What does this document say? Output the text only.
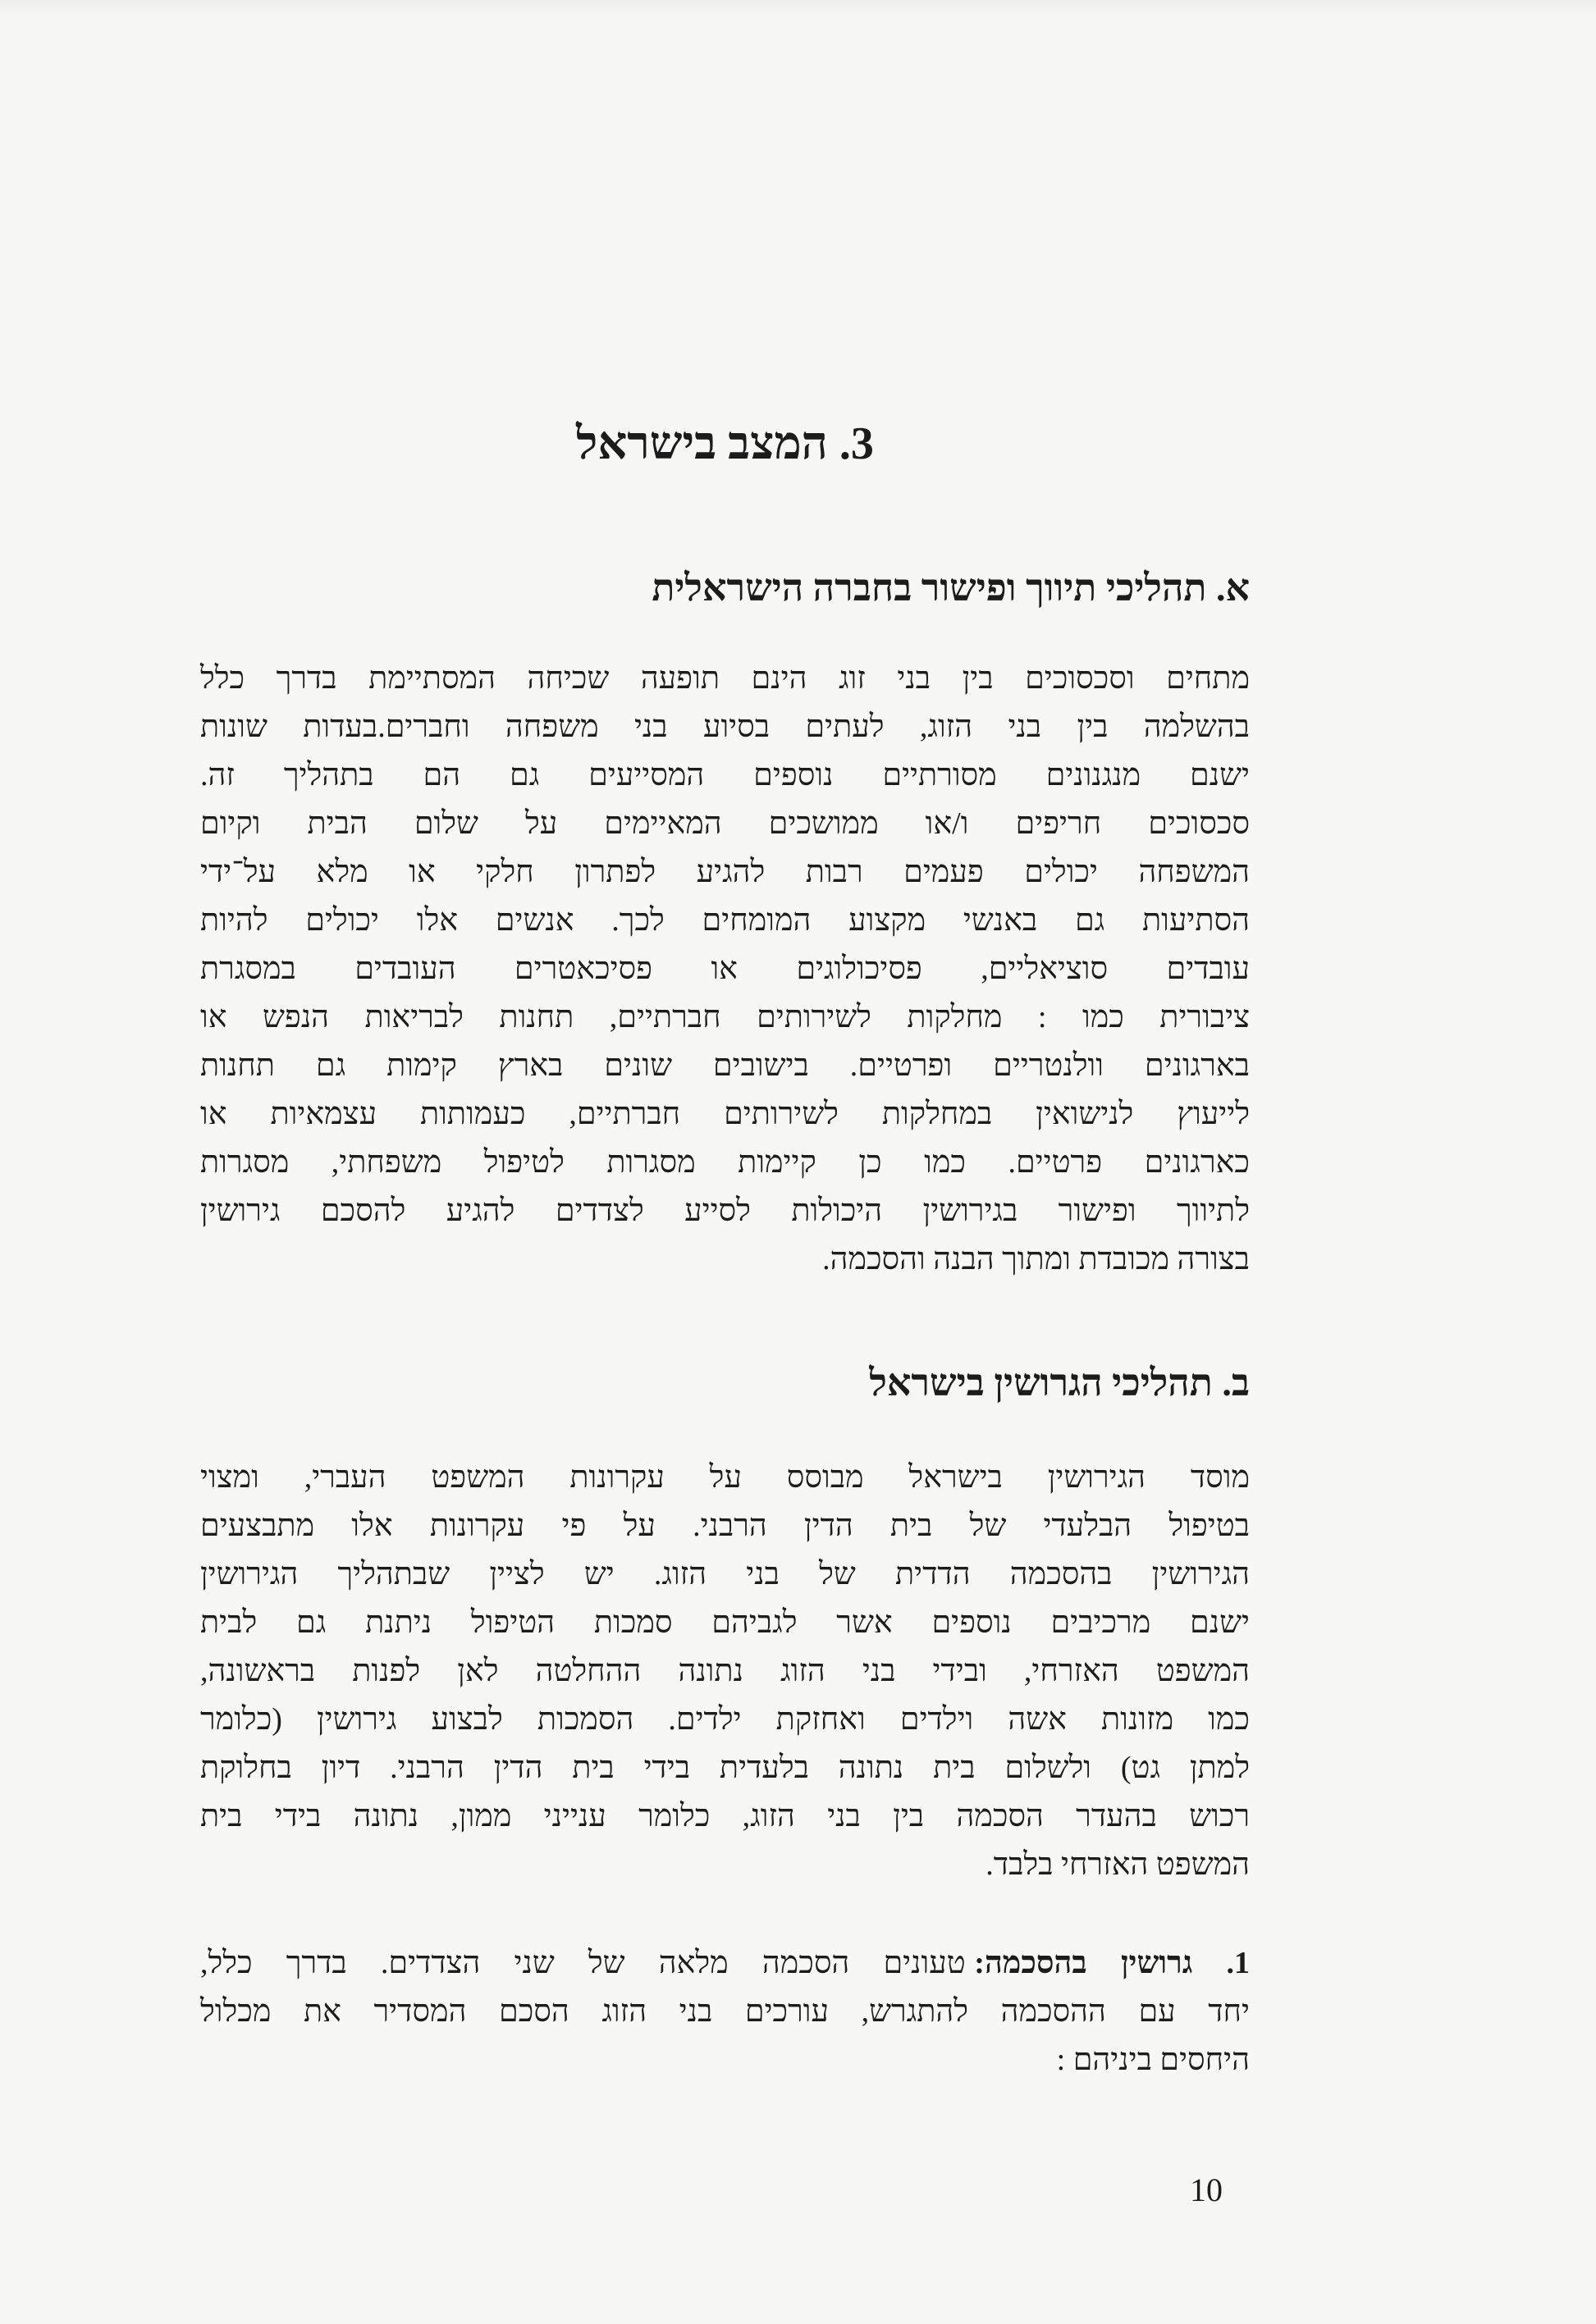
3. המצב בישראל
א. תהליכי תיווך ופישור בחברה הישראלית
מתחים וסכסוכים בין בני זוג הינם תופעה שכיחה המסתיימת בדרך כלל
בהשלמה בין בני הזוג, לעתים בסיוע בני משפחה וחברים.בעדות שונות
ישנם מנגנונים מסורתיים נוספים המסייעים גם הם בתהליך זה.
סכסוכים חריפים ו/או ממושכים המאיימים על שלום הבית וקיום
המשפחה יכולים פעמים רבות להגיע לפתרון חלקי או מלא על־ידי
הסתיעות גם באנשי מקצוע המומחים לכך. אנשים אלו יכולים להיות
עובדים סוציאליים, פסיכולוגים או פסיכאטרים העובדים במסגרת
ציבורית כמו : מחלקות לשירותים חברתיים, תחנות לבריאות הנפש או
בארגונים וולנטריים ופרטיים. בישובים שונים בארץ קימות גם תחנות
לייעוץ לנישואין במחלקות לשירותים חברתיים, כעמותות עצמאיות או
כארגונים פרטיים. כמו כן קיימות מסגרות לטיפול משפחתי, מסגרות
לתיווך ופישור בגירושין היכולות לסייע לצדדים להגיע להסכם גירושין
בצורה מכובדת ומתוך הבנה והסכמה.
ב. תהליכי הגרושין בישראל
מוסד הגירושין בישראל מבוסס על עקרונות המשפט העברי, ומצוי
בטיפול הבלעדי של בית הדין הרבני. על פי עקרונות אלו מתבצעים
הגירושין בהסכמה הדדית של בני הזוג. יש לציין שבתהליך הגירושין
ישנם מרכיבים נוספים אשר לגביהם סמכות הטיפול ניתנת גם לבית
המשפט האזרחי, ובידי בני הזוג נתונה ההחלטה לאן לפנות בראשונה,
כמו מזונות אשה וילדים ואחזקת ילדים. הסמכות לבצוע גירושין (כלומר
למתן גט) ולשלום בית נתונה בלעדית בידי בית הדין הרבני. דיון בחלוקת
רכוש בהעדר הסכמה בין בני הזוג, כלומר ענייני ממון, נתונה בידי בית
המשפט האזרחי בלבד.
1. גרושין בהסכמה:טעונים הסכמה מלאה של שני הצדדים. בדרך כלל,
יחד עם ההסכמה להתגרש, עורכים בני הזוג הסכם המסדיר את מכלול
היחסים ביניהם :
10
